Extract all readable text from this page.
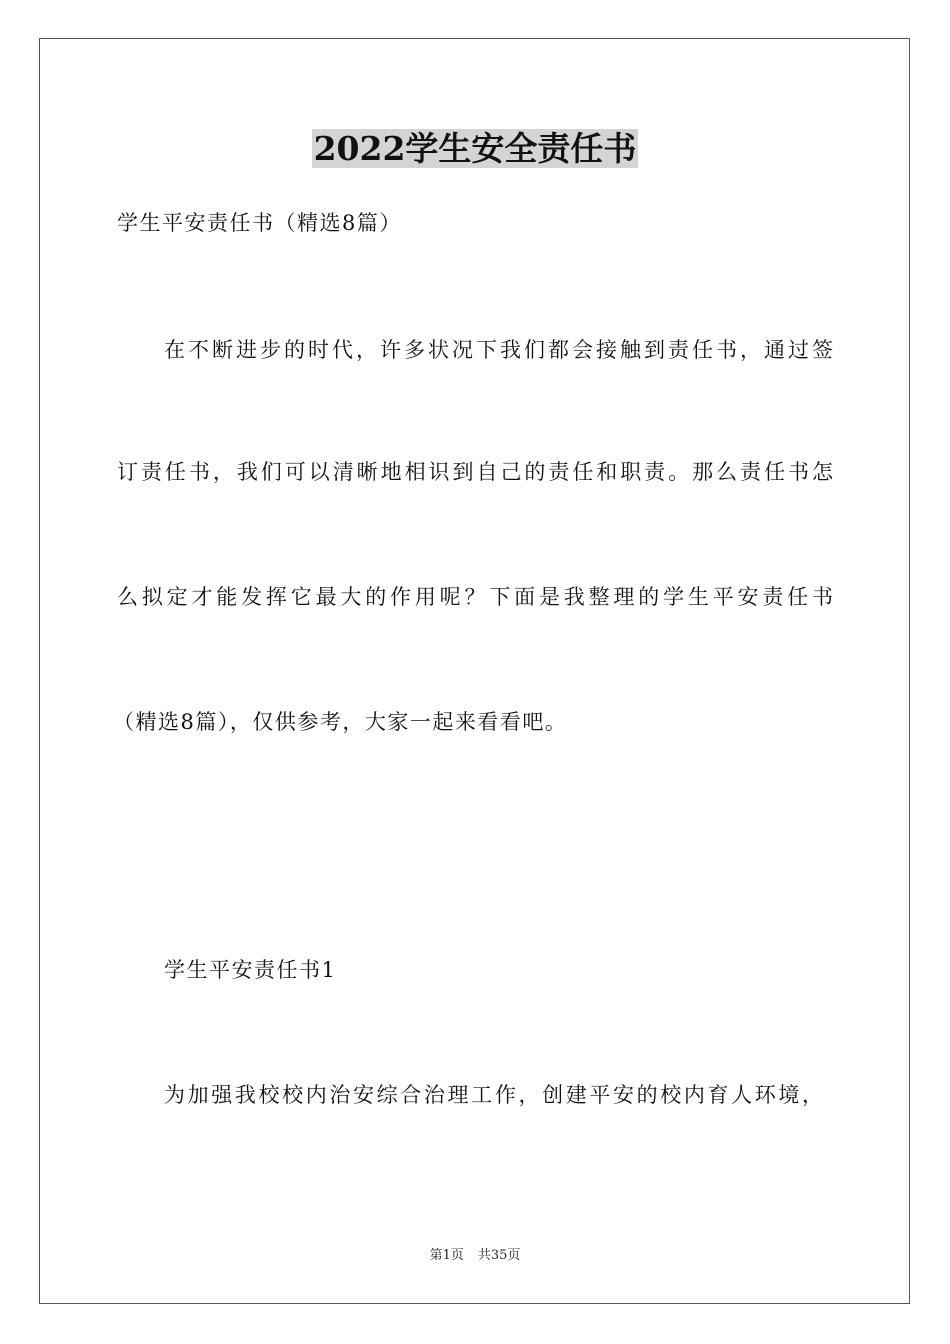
2022学生安全责任书
学生平安责任书（精选8篇）
在不断进步的时代，许多状况下我们都会接触到责任书，通过签
订责任书，我们可以清晰地相识到自己的责任和职责。那么责任书怎
么拟定才能发挥它最大的作用呢？下面是我整理的学生平安责任书
（精选8篇），仅供参考，大家一起来看看吧。
学生平安责任书1
为加强我校校内治安综合治理工作，创建平安的校内育人环境，
第1页 共35页
